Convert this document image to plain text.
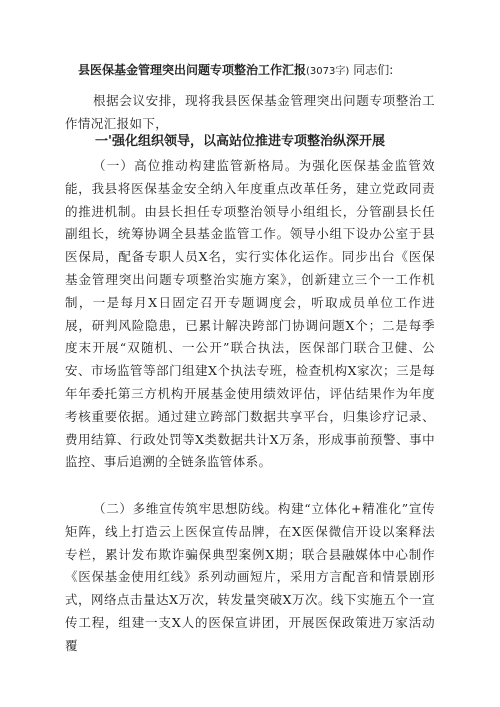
县医保基金管理突出问题专项整治工作汇报(3073字) 同志们:

根据会议安排，现将我县医保基金管理突出问题专项整治工作情况汇报如下，

一'强化组织领导，以高站位推进专项整治纵深开展

（一）高位推动构建监管新格局。为强化医保基金监管效能，我县将医保基金安全纳入年度重点改革任务，建立党政同责的推进机制。由县长担任专项整治领导小组组长，分管副县长任副组长，统筹协调全县基金监管工作。领导小组下设办公室于县医保局，配备专职人员X名，实行实体化运作。同步出台《医保基金管理突出问题专项整治实施方案》，创新建立三个一工作机制，一是每月X日固定召开专题调度会，听取成员单位工作进展，研判风险隐患，已累计解决跨部门协调问题X个；二是每季度末开展“双随机、一公开”联合执法，医保部门联合卫健、公安、市场监管等部门组建X个执法专班，检查机构X家次；三是每年年委托第三方机构开展基金使用绩效评估，评估结果作为年度考核重要依据。通过建立跨部门数据共享平台，归集诊疗记录、费用结算、行政处罚等X类数据共计X万条，形成事前预警、事中监控、事后追溯的全链条监管体系。

（二）多维宣传筑牢思想防线。构建“立体化+精准化”宣传矩阵，线上打造云上医保宣传品牌，在X医保微信开设以案释法专栏，累计发布欺诈骗保典型案例X期；联合县融媒体中心制作《医保基金使用红线》系列动画短片，采用方言配音和情景剧形式，网络点击量达X万次，转发量突破X万次。线下实施五个一宣传工程，组建一支X人的医保宣讲团，开展医保政策进万家活动覆
